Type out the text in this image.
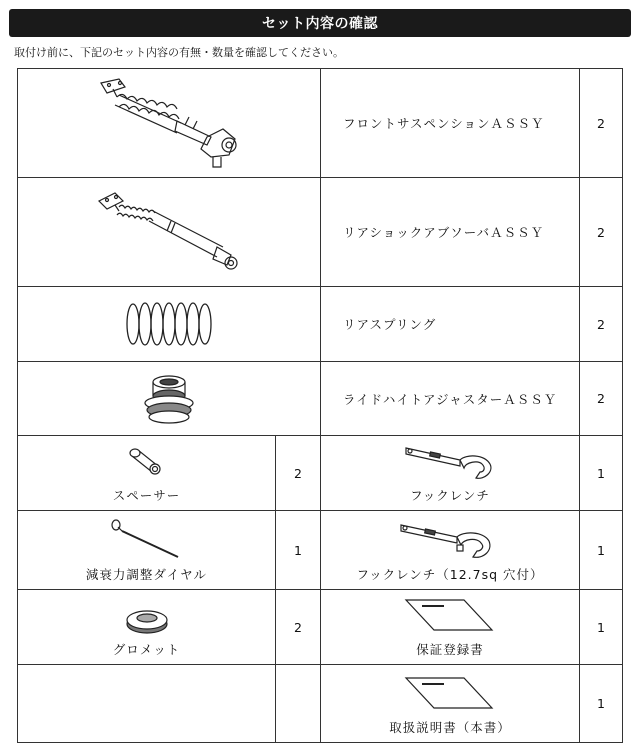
セット内容の確認
取付け前に、下記のセット内容の有無・数量を確認してください。
	フロントサスペンションＡＳＳＹ	2

	リアショックアブソーバＡＳＳＹ	2

	リアスプリング	2

	ライドハイトアジャスターＡＳＳＹ	2

スペーサー	2	フックレンチ	1

減衰力調整ダイヤル	1	フックレンチ（12.7sq 穴付）	1

グロメット	2	保証登録書	1

		取扱説明書（本書）	1
